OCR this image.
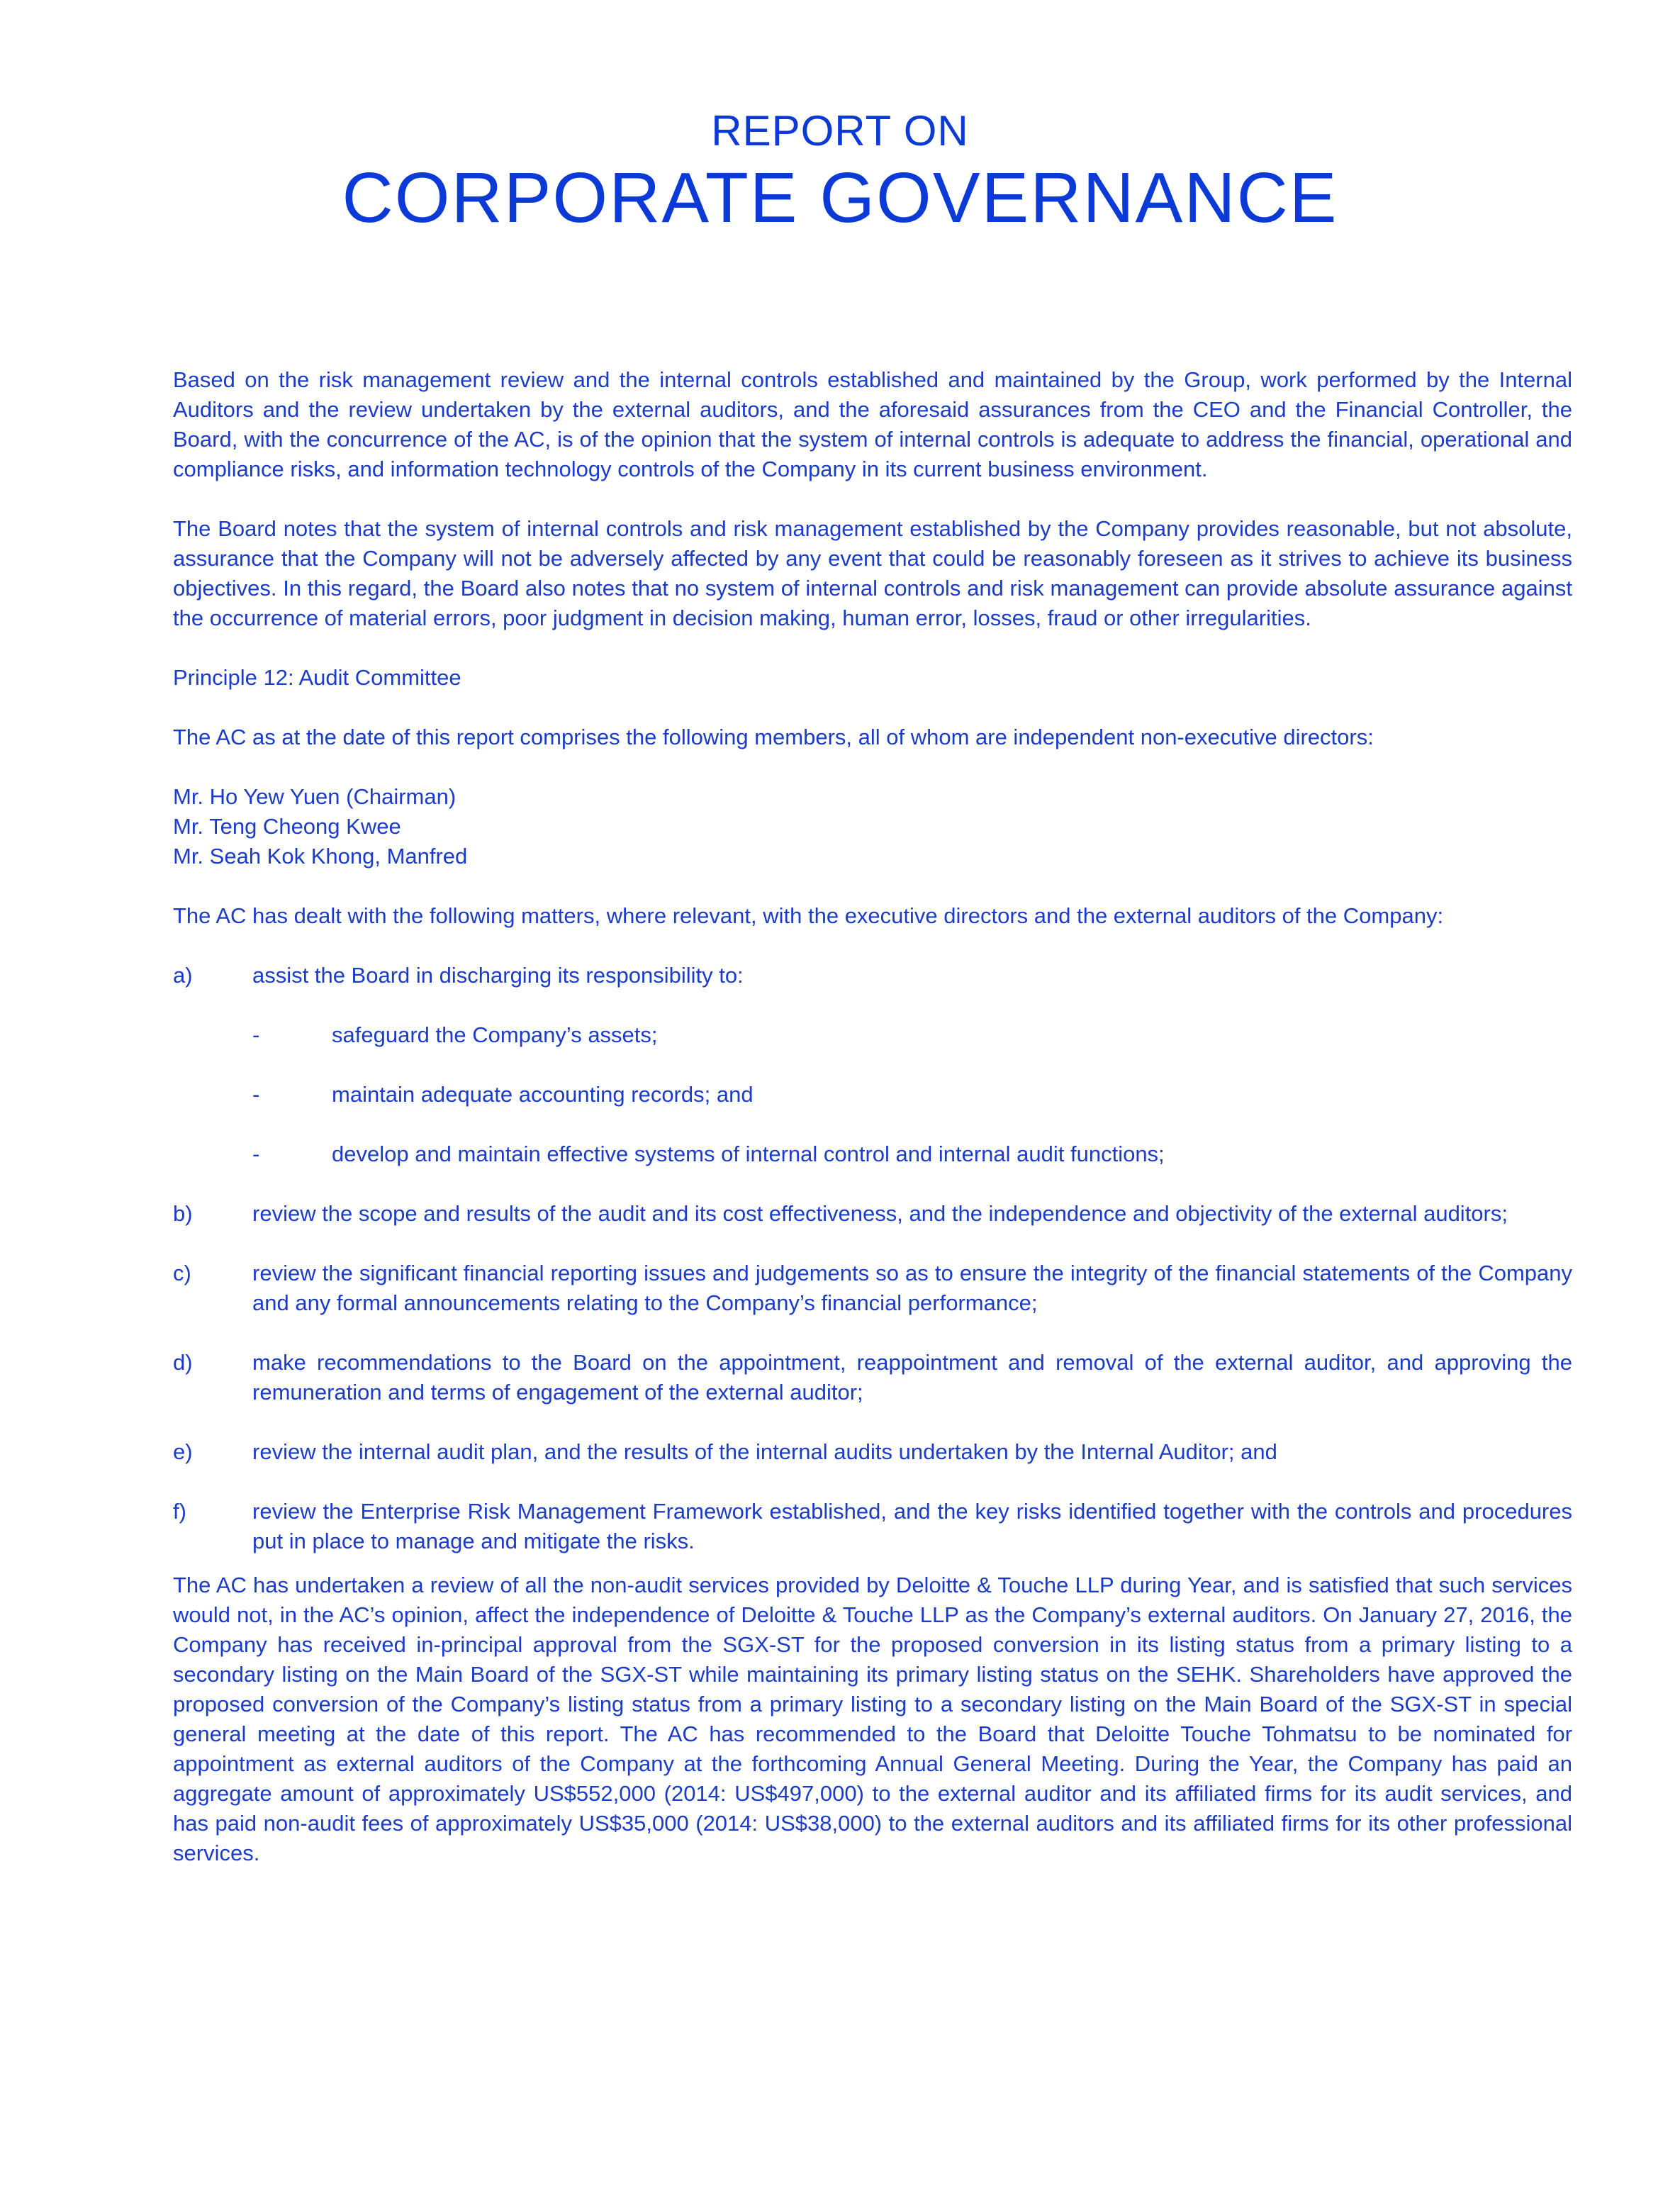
REPORT ON
CORPORATE GOVERNANCE

Based on the risk management review and the internal controls established and maintained by the Group, work performed by the Internal Auditors and the review undertaken by the external auditors, and the aforesaid assurances from the CEO and the Financial Controller, the Board, with the concurrence of the AC, is of the opinion that the system of internal controls is adequate to address the financial, operational and compliance risks, and information technology controls of the Company in its current business environment.

The Board notes that the system of internal controls and risk management established by the Company provides reasonable, but not absolute, assurance that the Company will not be adversely affected by any event that could be reasonably foreseen as it strives to achieve its business objectives. In this regard, the Board also notes that no system of internal controls and risk management can provide absolute assurance against the occurrence of material errors, poor judgment in decision making, human error, losses, fraud or other irregularities.

Principle 12: Audit Committee

The AC as at the date of this report comprises the following members, all of whom are independent non-executive directors:

Mr. Ho Yew Yuen (Chairman)
Mr. Teng Cheong Kwee
Mr. Seah Kok Khong, Manfred

The AC has dealt with the following matters, where relevant, with the executive directors and the external auditors of the Company:

a)	assist the Board in discharging its responsibility to:
-	safeguard the Company’s assets;
-	maintain adequate accounting records; and
-	develop and maintain effective systems of internal control and internal audit functions;
b)	review the scope and results of the audit and its cost effectiveness, and the independence and objectivity of the external auditors;
c)	review the significant financial reporting issues and judgements so as to ensure the integrity of the financial statements of the Company and any formal announcements relating to the Company’s financial performance;
d)	make recommendations to the Board on the appointment, reappointment and removal of the external auditor, and approving the remuneration and terms of engagement of the external auditor;
e)	review the internal audit plan, and the results of the internal audits undertaken by the Internal Auditor; and
f)	review the Enterprise Risk Management Framework established, and the key risks identified together with the controls and procedures put in place to manage and mitigate the risks.

The AC has undertaken a review of all the non-audit services provided by Deloitte & Touche LLP during Year, and is satisfied that such services would not, in the AC’s opinion, affect the independence of Deloitte & Touche LLP as the Company’s external auditors. On January 27, 2016, the Company has received in-principal approval from the SGX-ST for the proposed conversion in its listing status from a primary listing to a secondary listing on the Main Board of the SGX-ST while maintaining its primary listing status on the SEHK. Shareholders have approved the proposed conversion of the Company’s listing status from a primary listing to a secondary listing on the Main Board of the SGX-ST in special general meeting at the date of this report. The AC has recommended to the Board that Deloitte Touche Tohmatsu to be nominated for appointment as external auditors of the Company at the forthcoming Annual General Meeting. During the Year, the Company has paid an aggregate amount of approximately US$552,000 (2014: US$497,000) to the external auditor and its affiliated firms for its audit services, and has paid non-audit fees of approximately US$35,000 (2014: US$38,000) to the external auditors and its affiliated firms for its other professional services.
